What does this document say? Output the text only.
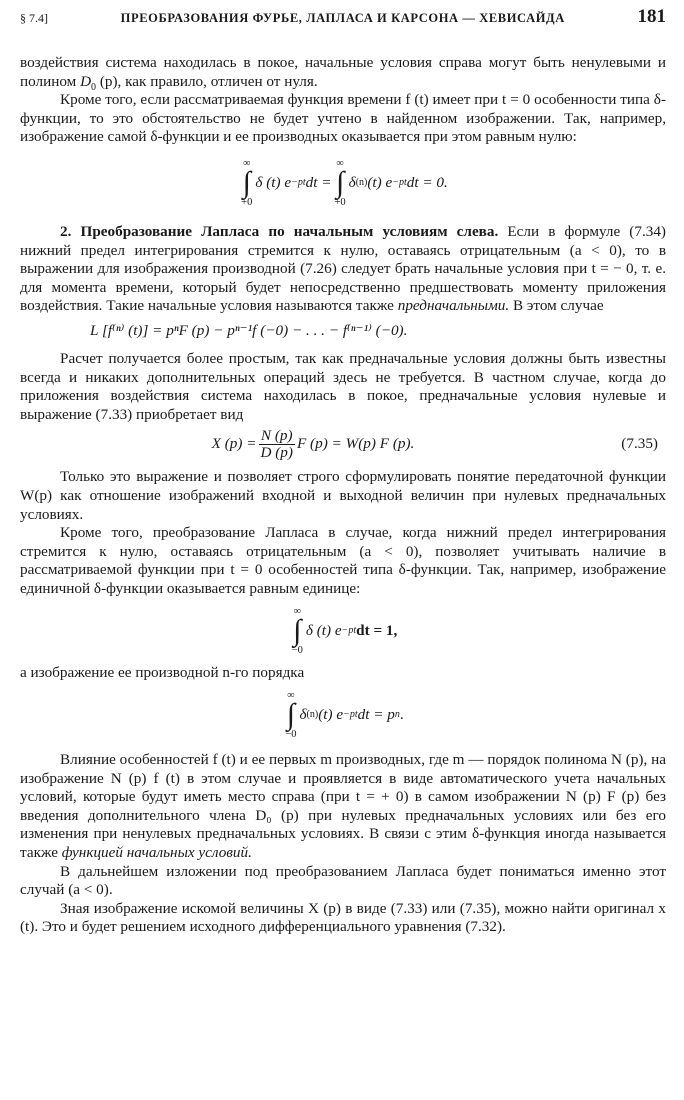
§ 7.4]	ПРЕОБРАЗОВАНИЯ ФУРЬЕ, ЛАПЛАСА И КАРСОНА — ХЕВИСАЙДА	181

воздействия система находилась в покое, начальные условия справа могут быть ненулевыми и полином $D_0$ (p), как правило, отличен от нуля.

Кроме того, если рассматриваемая функция времени f (t) имеет при t = 0 особенности типа δ-функции, то это обстоятельство не будет учтено в найденном изображении. Так, например, изображение самой δ-функции и ее производных оказывается при этом равным нулю:

∞
∫
+0
δ (t) e −pt dt =
∞
∫
+0
δ (n) (t) e −pt dt = 0.

2. Преобразование Лапласа по начальным условиям слева. Если в формуле (7.34) нижний предел интегрирования стремится к нулю, оставаясь отрицательным (a < 0), то в выражении для изображения производной (7.26) следует брать начальные условия при t = − 0, т. е. для момента времени, который будет непосредственно предшествовать моменту приложения воздействия. Такие начальные условия называются также предначальными. В этом случае

L [f⁽ⁿ⁾ (t)] = pⁿF (p) − pⁿ⁻¹f (−0) − . . . − f⁽ⁿ⁻¹⁾ (−0).

Расчет получается более простым, так как предначальные условия должны быть известны всегда и никаких дополнительных операций здесь не требуется. В частном случае, когда до приложения воздействия система находилась в покое, предначальные условия нулевые и выражение (7.33) приобретает вид

X $(p) = \frac{N (p)}{D (p)}$ F (p) = W(p) F (p).	(7.35)

Только это выражение и позволяет строго сформулировать понятие передаточной функции W(p) как отношение изображений входной и выходной величин при нулевых предначальных условиях.

Кроме того, преобразование Лапласа в случае, когда нижний предел интегрирования стремится к нулю, оставаясь отрицательным (a < 0), позволяет учитывать наличие в рассматриваемой функции при t = 0 особенностей типа δ-функции. Так, например, изображение единичной δ-функции оказывается равным единице:

∞
∫
−0
δ (t) e −pt dt = 1,

а изображение ее производной n-го порядка

∞
∫
−0
δ (n) (t) e −pt dt = p n .

Влияние особенностей f (t) и ее первых m производных, где m — порядок полинома N (p), на изображение N (p) f (t) в этом случае и проявляется в виде автоматического учета начальных условий, которые будут иметь место справа (при t = + 0) в самом изображении N (p) F (p) без введения дополнительного члена D₀ (p) при нулевых предначальных условиях или без его изменения при ненулевых предначальных условиях. В связи с этим δ-функция иногда называется также функцией начальных условий.

В дальнейшем изложении под преобразованием Лапласа будет пониматься именно этот случай (a < 0).

Зная изображение искомой величины X (p) в виде (7.33) или (7.35), можно найти оригинал x (t). Это и будет решением исходного дифференциального уравнения (7.32).
